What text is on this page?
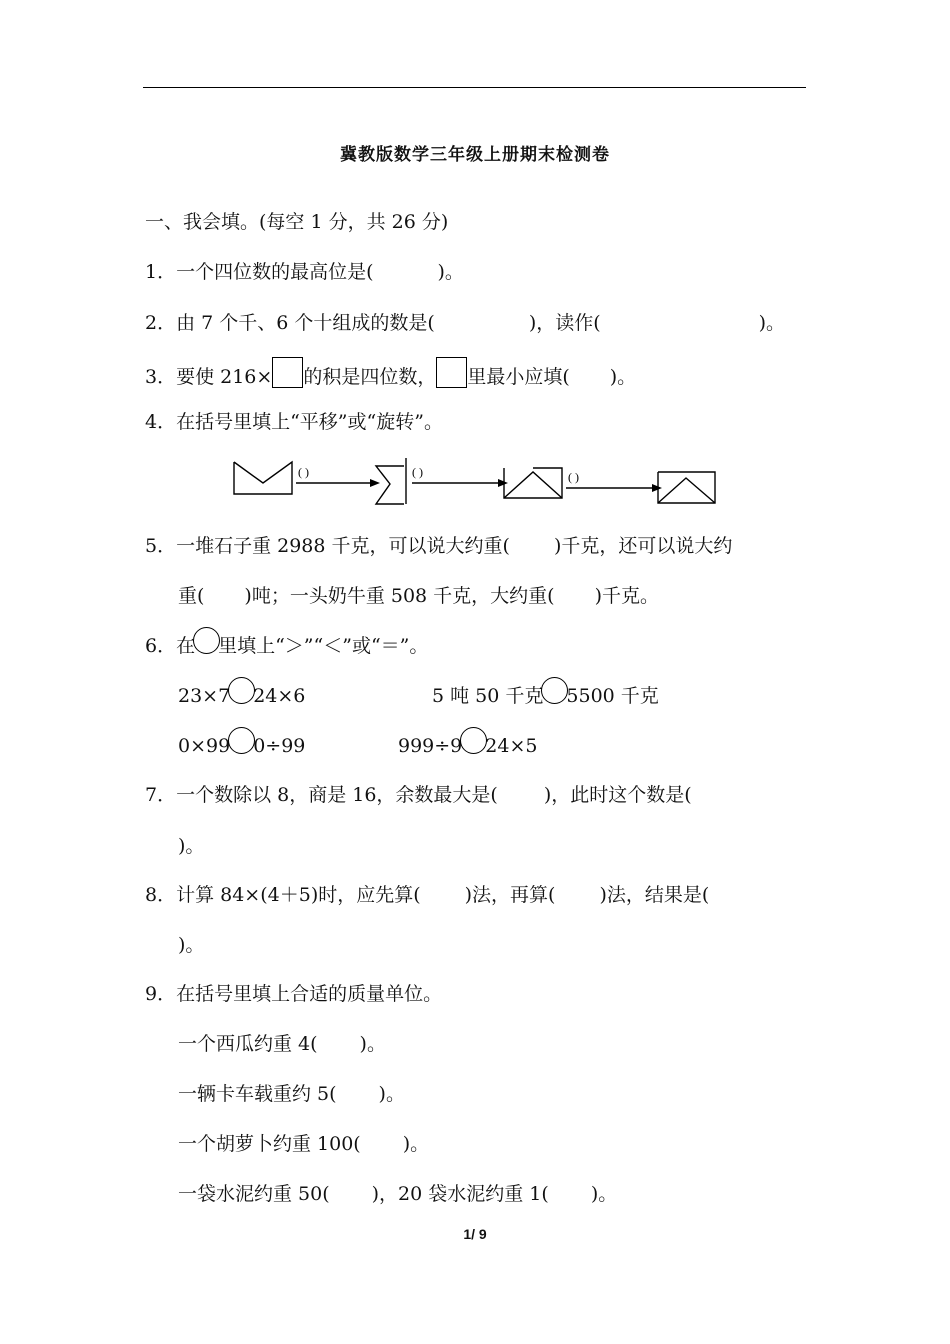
冀教版数学三年级上册期末检测卷
一、我会填。(每空 1 分，共 26 分)
1．一个四位数的最高位是(	)。
2．由 7 个千、6 个十组成的数是(	)，读作(	)。
3．要使 216× 的积是四位数， 里最小应填( )。
4．在括号里填上“平移”或“旋转”。
( )	( )	( )
5．一堆石子重 2988 千克，可以说大约重( )千克，还可以说大约
重( )吨；一头奶牛重 508 千克，大约重( )千克。
6．在 里填上“＞”“＜”或“＝”。
23×7 24×6	5 吨 50 千克 5500 千克
0×99 0÷99	999÷9 24×5
7．一个数除以 8，商是 16，余数最大是( )，此时这个数是(
)。
8．计算 84×(4＋5)时，应先算( )法，再算( )法，结果是(
)。
9．在括号里填上合适的质量单位。
一个西瓜约重 4( )。
一辆卡车载重约 5( )。
一个胡萝卜约重 100( )。
一袋水泥约重 50( )，20 袋水泥约重 1( )。
1/ 9
